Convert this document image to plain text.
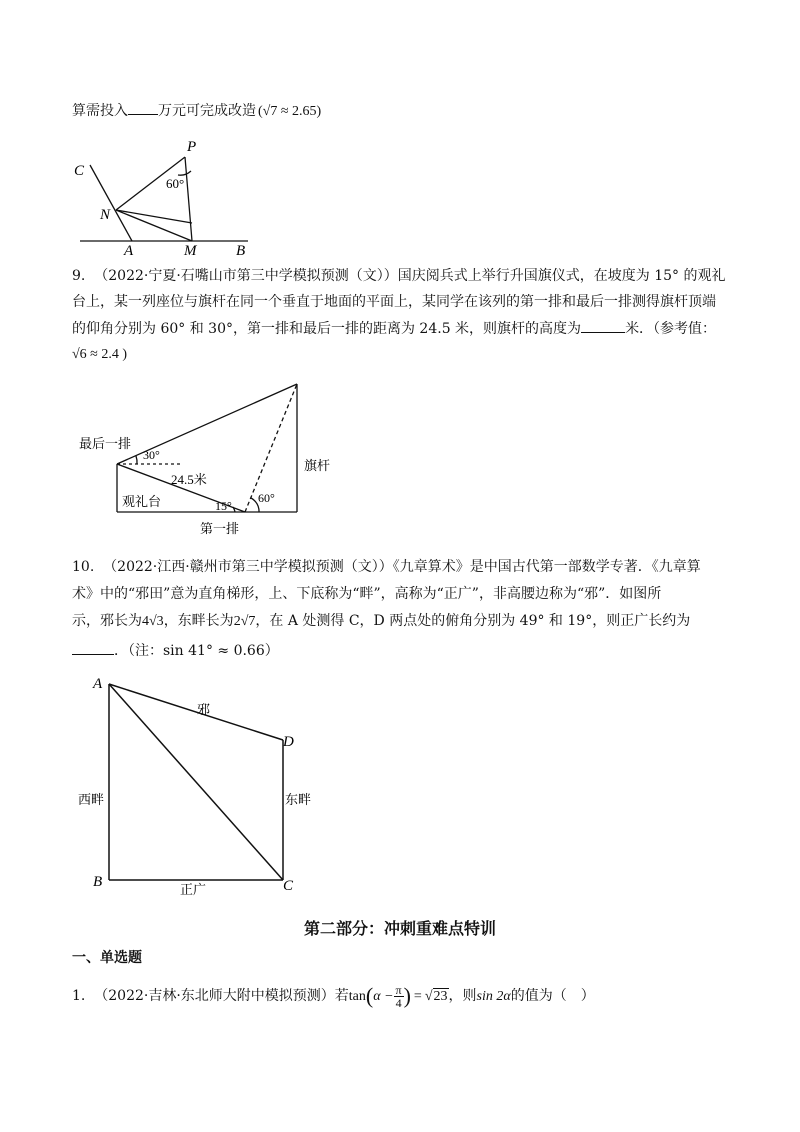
算需投入 万元可完成改造 (√7 ≈ 2.65)
C
P
60°
N
A	M	B
9. （2022·宁夏·石嘴山市第三中学模拟预测（文））国庆阅兵式上举行升国旗仪式，在坡度为 15° 的观礼
台上，某一列座位与旗杆在同一个垂直于地面的平面上，某同学在该列的第一排和最后一排测得旗杆顶端
的仰角分别为 60° 和 30°，第一排和最后一排的距离为 24.5 米，则旗杆的高度为	米．（参考值：
√6 ≈ 2.4 )
最后一排
30°
24.5米
观礼台	15°
60°
第一排
旗杆
10. （2022·江西·赣州市第三中学模拟预测（文））《九章算术》是中国古代第一部数学专著．《九章算
术》中的“邪田”意为直角梯形，上、下底称为“畔”，高称为“正广”，非高腰边称为“邪”．如图所
示，邪长为4√3，东畔长为2√7，在 A 处测得 C，D 两点处的俯角分别为 49° 和 19°，则正广长约为
．（注：sin 41° ≈ 0.66）
A
B	C
D
邪
西畔	东畔
正广
第二部分：冲刺重难点特训
一、单选题
1. （2022·吉林·东北师大附中模拟预测）若$\tan(\alpha - \frac{\pi}{4}$ ) = √23，则sin 2α的值为（　）
